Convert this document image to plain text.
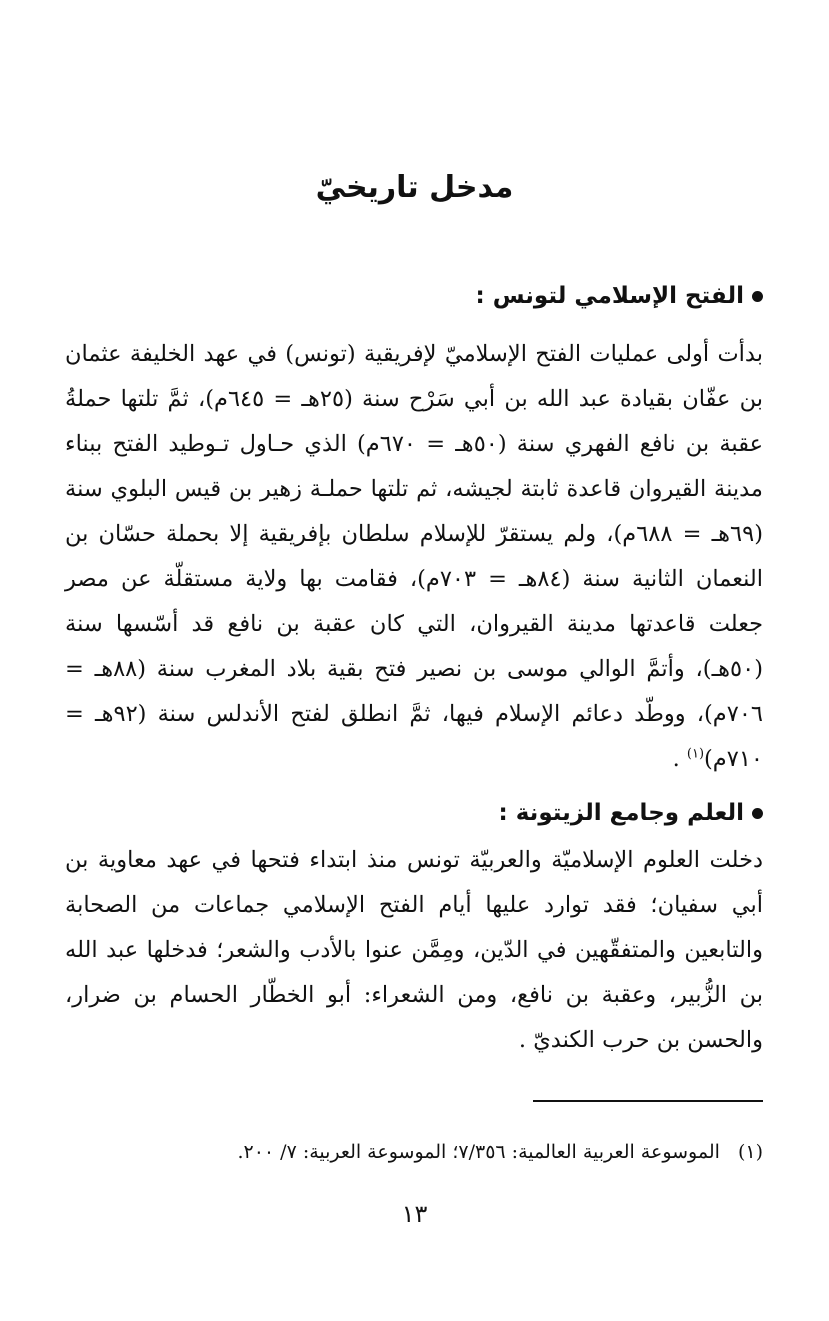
مدخل تاريخيّ
الفتح الإسلامي لتونس :

بدأت أولى عمليات الفتح الإسلاميّ لإفريقية (تونس) في عهد الخليفة عثمان بن عفّان بقيادة عبد الله بن أبي سَرْح سنة (٢٥هـ = ٦٤٥م)، ثمَّ تلتها حملةُ عقبة بن نافع الفهري سنة (٥٠هـ = ٦٧٠م) الذي حـاول تـوطيد الفتح ببناء مدينة القيروان قاعدة ثابتة لجيشه، ثم تلتها حملـة زهير بن قيس البلوي سنة (٦٩هـ = ٦٨٨م)، ولم يستقرّ للإسلام سلطان بإفريقية إلا بحملة حسّان بن النعمان الثانية سنة (٨٤هـ = ٧٠٣م)، فقامت بها ولاية مستقلّة عن مصر جعلت قاعدتها مدينة القيروان، التي كان عقبة بن نافع قد أسّسها سنة (٥٠هـ)، وأتمَّ الوالي موسى بن نصير فتح بقية بلاد المغرب سنة (٨٨هـ = ٧٠٦م)، ووطّد دعائم الإسلام فيها، ثمَّ انطلق لفتح الأندلس سنة (٩٢هـ = ٧١٠م)$^{(١)}$ .

العلم وجامع الزيتونة :

دخلت العلوم الإسلاميّة والعربيّة تونس منذ ابتداء فتحها في عهد معاوية بن أبي سفيان؛ فقد توارد عليها أيام الفتح الإسلامي جماعات من الصحابة والتابعين والمتفقّهين في الدّين، ومِمَّن عنوا بالأدب والشعر؛ فدخلها عبد الله بن الزُّبير، وعقبة بن نافع، ومن الشعراء: أبو الخطّار الحسام بن ضرار، والحسن بن حرب الكنديّ .

(١)الموسوعة العربية العالمية: ٧/٣٥٦؛ الموسوعة العربية: ٧/ ٢٠٠.
١٣
